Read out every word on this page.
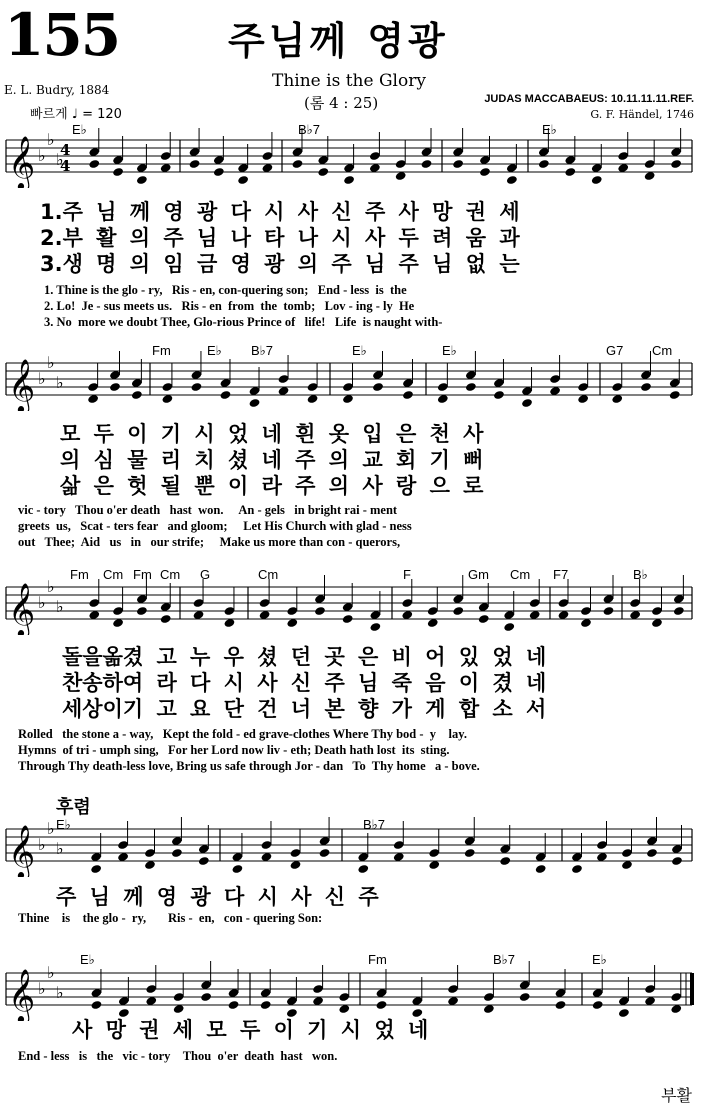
155	주님께 영광
Thine is the Glory
(롬 4 : 25)
E. L. Budry, 1884
빠르게 ♩ = 120
JUDAS MACCABAEUS: 10.11.11.11.REF.
G. F. Händel, 1746
후렴
부활
𝄞 ♭
♭
♭
4
4
E♭	B♭7	E♭
1.주 님 께 영 광 다 시 사 신 주 사 망 권 세
2.부 활 의 주 님 나 타 나 시 사 두 려 움 과
3.생 명 의 임 금 영 광 의 주 님 주 님 없 는
1. Thine is the glo - ry,   Ris - en, con-quering son;   End - less  is  the
2. Lo!  Je - sus meets us.   Ris - en  from  the  tomb;   Lov - ing - ly  He
3. No  more we doubt Thee, Glo-rious Prince of   life!   Life  is naught with-
𝄞 ♭
♭
♭
Fm	E♭ B♭7	E♭	E♭	G7 Cm
모 두 이 기 시 었 네 흰 옷 입 은 천 사
의 심 물 리 치 셨 네 주 의 교 회 기 뻐
삶 은 헛 될 뿐 이 라 주 의 사 랑 으 로
vic - tory   Thou o'er death   hast  won.     An - gels   in bright rai - ment
greets  us,   Scat - ters fear   and gloom;     Let His Church with glad - ness
out   Thee;  Aid   us   in   our strife;     Make us more than con - querors,
𝄞 ♭
♭
♭
Fm Cm Fm Cm G	Cm	F	Gm Cm F7	B♭
돌을옮겼 고 누 우 셨 던 곳 은 비 어 있 었 네
찬송하여 라 다 시 사 신 주 님 죽 음 이 겼 네
세상이기 고 요 단 건 너 본 향 가 게 합 소 서
Rolled   the stone a - way,   Kept the fold - ed grave-clothes Where Thy bod -  y    lay.
Hymns  of tri - umph sing,   For her Lord now liv - eth; Death hath lost  its  sting.
Through Thy death-less love, Bring us safe through Jor - dan   To  Thy home   a - bove.
𝄞 ♭
♭
♭
E♭	B♭7
주 님 께 영 광 다 시 사 신 주
Thine    is    the glo -  ry,       Ris -  en,   con - quering Son:
𝄞 ♭
♭
♭
E♭	Fm	B♭7	E♭
사 망 권 세 모 두 이 기 시 었 네
End - less   is   the   vic - tory    Thou  o'er  death  hast   won.
